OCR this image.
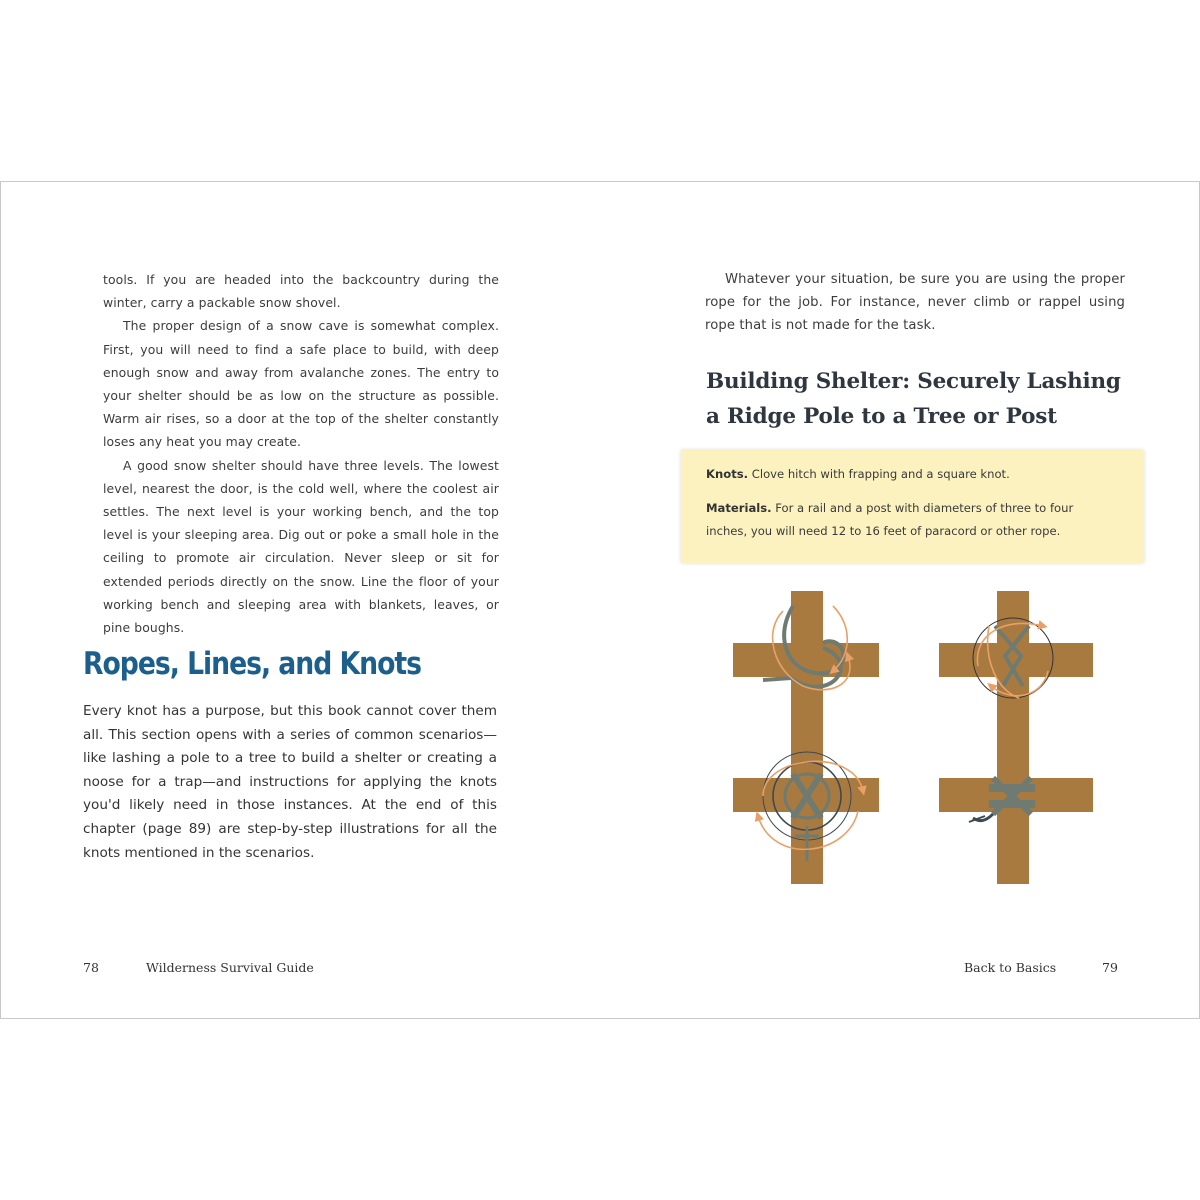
tools. If you are headed into the backcountry during the winter, carry a packable snow shovel.

The proper design of a snow cave is somewhat complex. First, you will need to find a safe place to build, with deep enough snow and away from avalanche zones. The entry to your shelter should be as low on the structure as possible. Warm air rises, so a door at the top of the shelter constantly loses any heat you may create.

A good snow shelter should have three levels. The lowest level, nearest the door, is the cold well, where the coolest air settles. The next level is your working bench, and the top level is your sleeping area. Dig out or poke a small hole in the ceiling to promote air circulation. Never sleep or sit for extended periods directly on the snow. Line the floor of your working bench and sleeping area with blankets, leaves, or pine boughs.

Ropes, Lines, and Knots

Every knot has a purpose, but this book cannot cover them all. This section opens with a series of common scenarios—like lashing a pole to a tree to build a shelter or creating a noose for a trap—and instructions for applying the knots you'd likely need in those instances. At the end of this chapter (page 89) are step-by-step illustrations for all the knots mentioned in the scenarios.

78	Wilderness Survival Guide

Whatever your situation, be sure you are using the proper rope for the job. For instance, never climb or rappel using rope that is not made for the task.

Building Shelter: Securely Lashing
a Ridge Pole to a Tree or Post

Knots. Clove hitch with frapping and a square knot.

Materials. For a rail and a post with diameters of three to four

inches, you will need 12 to 16 feet of paracord or other rope.

Back to Basics	79
